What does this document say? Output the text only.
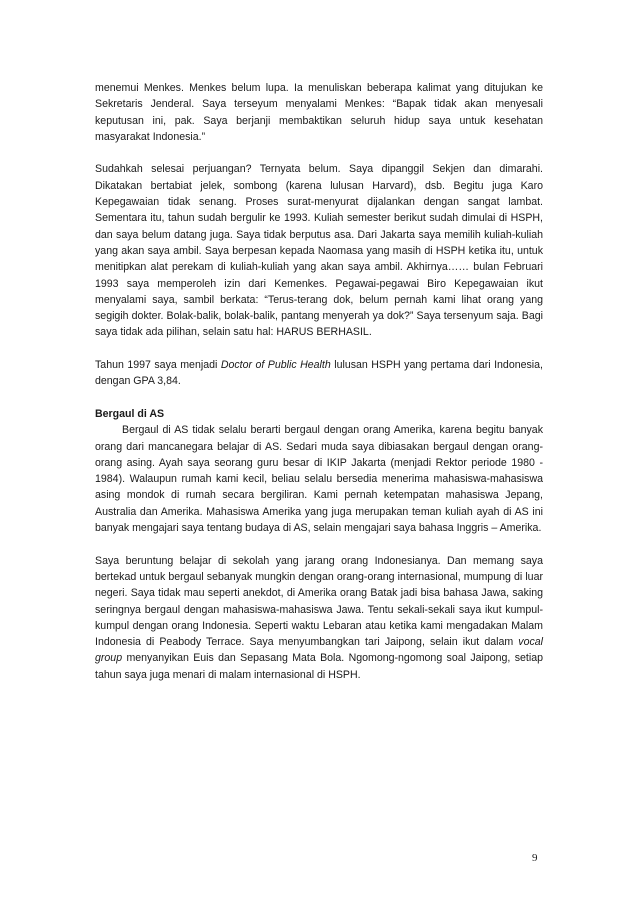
menemui Menkes. Menkes belum lupa. Ia menuliskan beberapa kalimat yang ditujukan ke Sekretaris Jenderal. Saya terseyum menyalami Menkes: “Bapak tidak akan menyesali keputusan ini, pak. Saya berjanji membaktikan seluruh hidup saya untuk kesehatan masyarakat Indonesia.”

Sudahkah selesai perjuangan? Ternyata belum. Saya dipanggil Sekjen dan dimarahi. Dikatakan bertabiat jelek, sombong (karena lulusan Harvard), dsb. Begitu juga Karo Kepegawaian tidak senang. Proses surat-menyurat dijalankan dengan sangat lambat. Sementara itu, tahun sudah bergulir ke 1993. Kuliah semester berikut sudah dimulai di HSPH, dan saya belum datang juga. Saya tidak berputus asa. Dari Jakarta saya memilih kuliah-kuliah yang akan saya ambil. Saya berpesan kepada Naomasa yang masih di HSPH ketika itu, untuk menitipkan alat perekam di kuliah-kuliah yang akan saya ambil. Akhirnya…… bulan Februari 1993 saya memperoleh izin dari Kemenkes. Pegawai-pegawai Biro Kepegawaian ikut menyalami saya, sambil berkata: “Terus-terang dok, belum pernah kami lihat orang yang segigih dokter. Bolak-balik, bolak-balik, pantang menyerah ya dok?” Saya tersenyum saja. Bagi saya tidak ada pilihan, selain satu hal: HARUS BERHASIL.

Tahun 1997 saya menjadi Doctor of Public Health lulusan HSPH yang pertama dari Indonesia, dengan GPA 3,84.

Bergaul di AS

Bergaul di AS tidak selalu berarti bergaul dengan orang Amerika, karena begitu banyak orang dari mancanegara belajar di AS. Sedari muda saya dibiasakan bergaul dengan orang-orang asing. Ayah saya seorang guru besar di IKIP Jakarta (menjadi Rektor periode 1980 - 1984). Walaupun rumah kami kecil, beliau selalu bersedia menerima mahasiswa-mahasiswa asing mondok di rumah secara bergiliran. Kami pernah ketempatan mahasiswa Jepang, Australia dan Amerika. Mahasiswa Amerika yang juga merupakan teman kuliah ayah di AS ini banyak mengajari saya tentang budaya di AS, selain mengajari saya bahasa Inggris – Amerika.

Saya beruntung belajar di sekolah yang jarang orang Indonesianya. Dan memang saya bertekad untuk bergaul sebanyak mungkin dengan orang-orang internasional, mumpung di luar negeri. Saya tidak mau seperti anekdot, di Amerika orang Batak jadi bisa bahasa Jawa, saking seringnya bergaul dengan mahasiswa-mahasiswa Jawa. Tentu sekali-sekali saya ikut kumpul-kumpul dengan orang Indonesia. Seperti waktu Lebaran atau ketika kami mengadakan Malam Indonesia di Peabody Terrace. Saya menyumbangkan tari Jaipong, selain ikut dalam vocal group menyanyikan Euis dan Sepasang Mata Bola. Ngomong-ngomong soal Jaipong, setiap tahun saya juga menari di malam internasional di HSPH.

9
